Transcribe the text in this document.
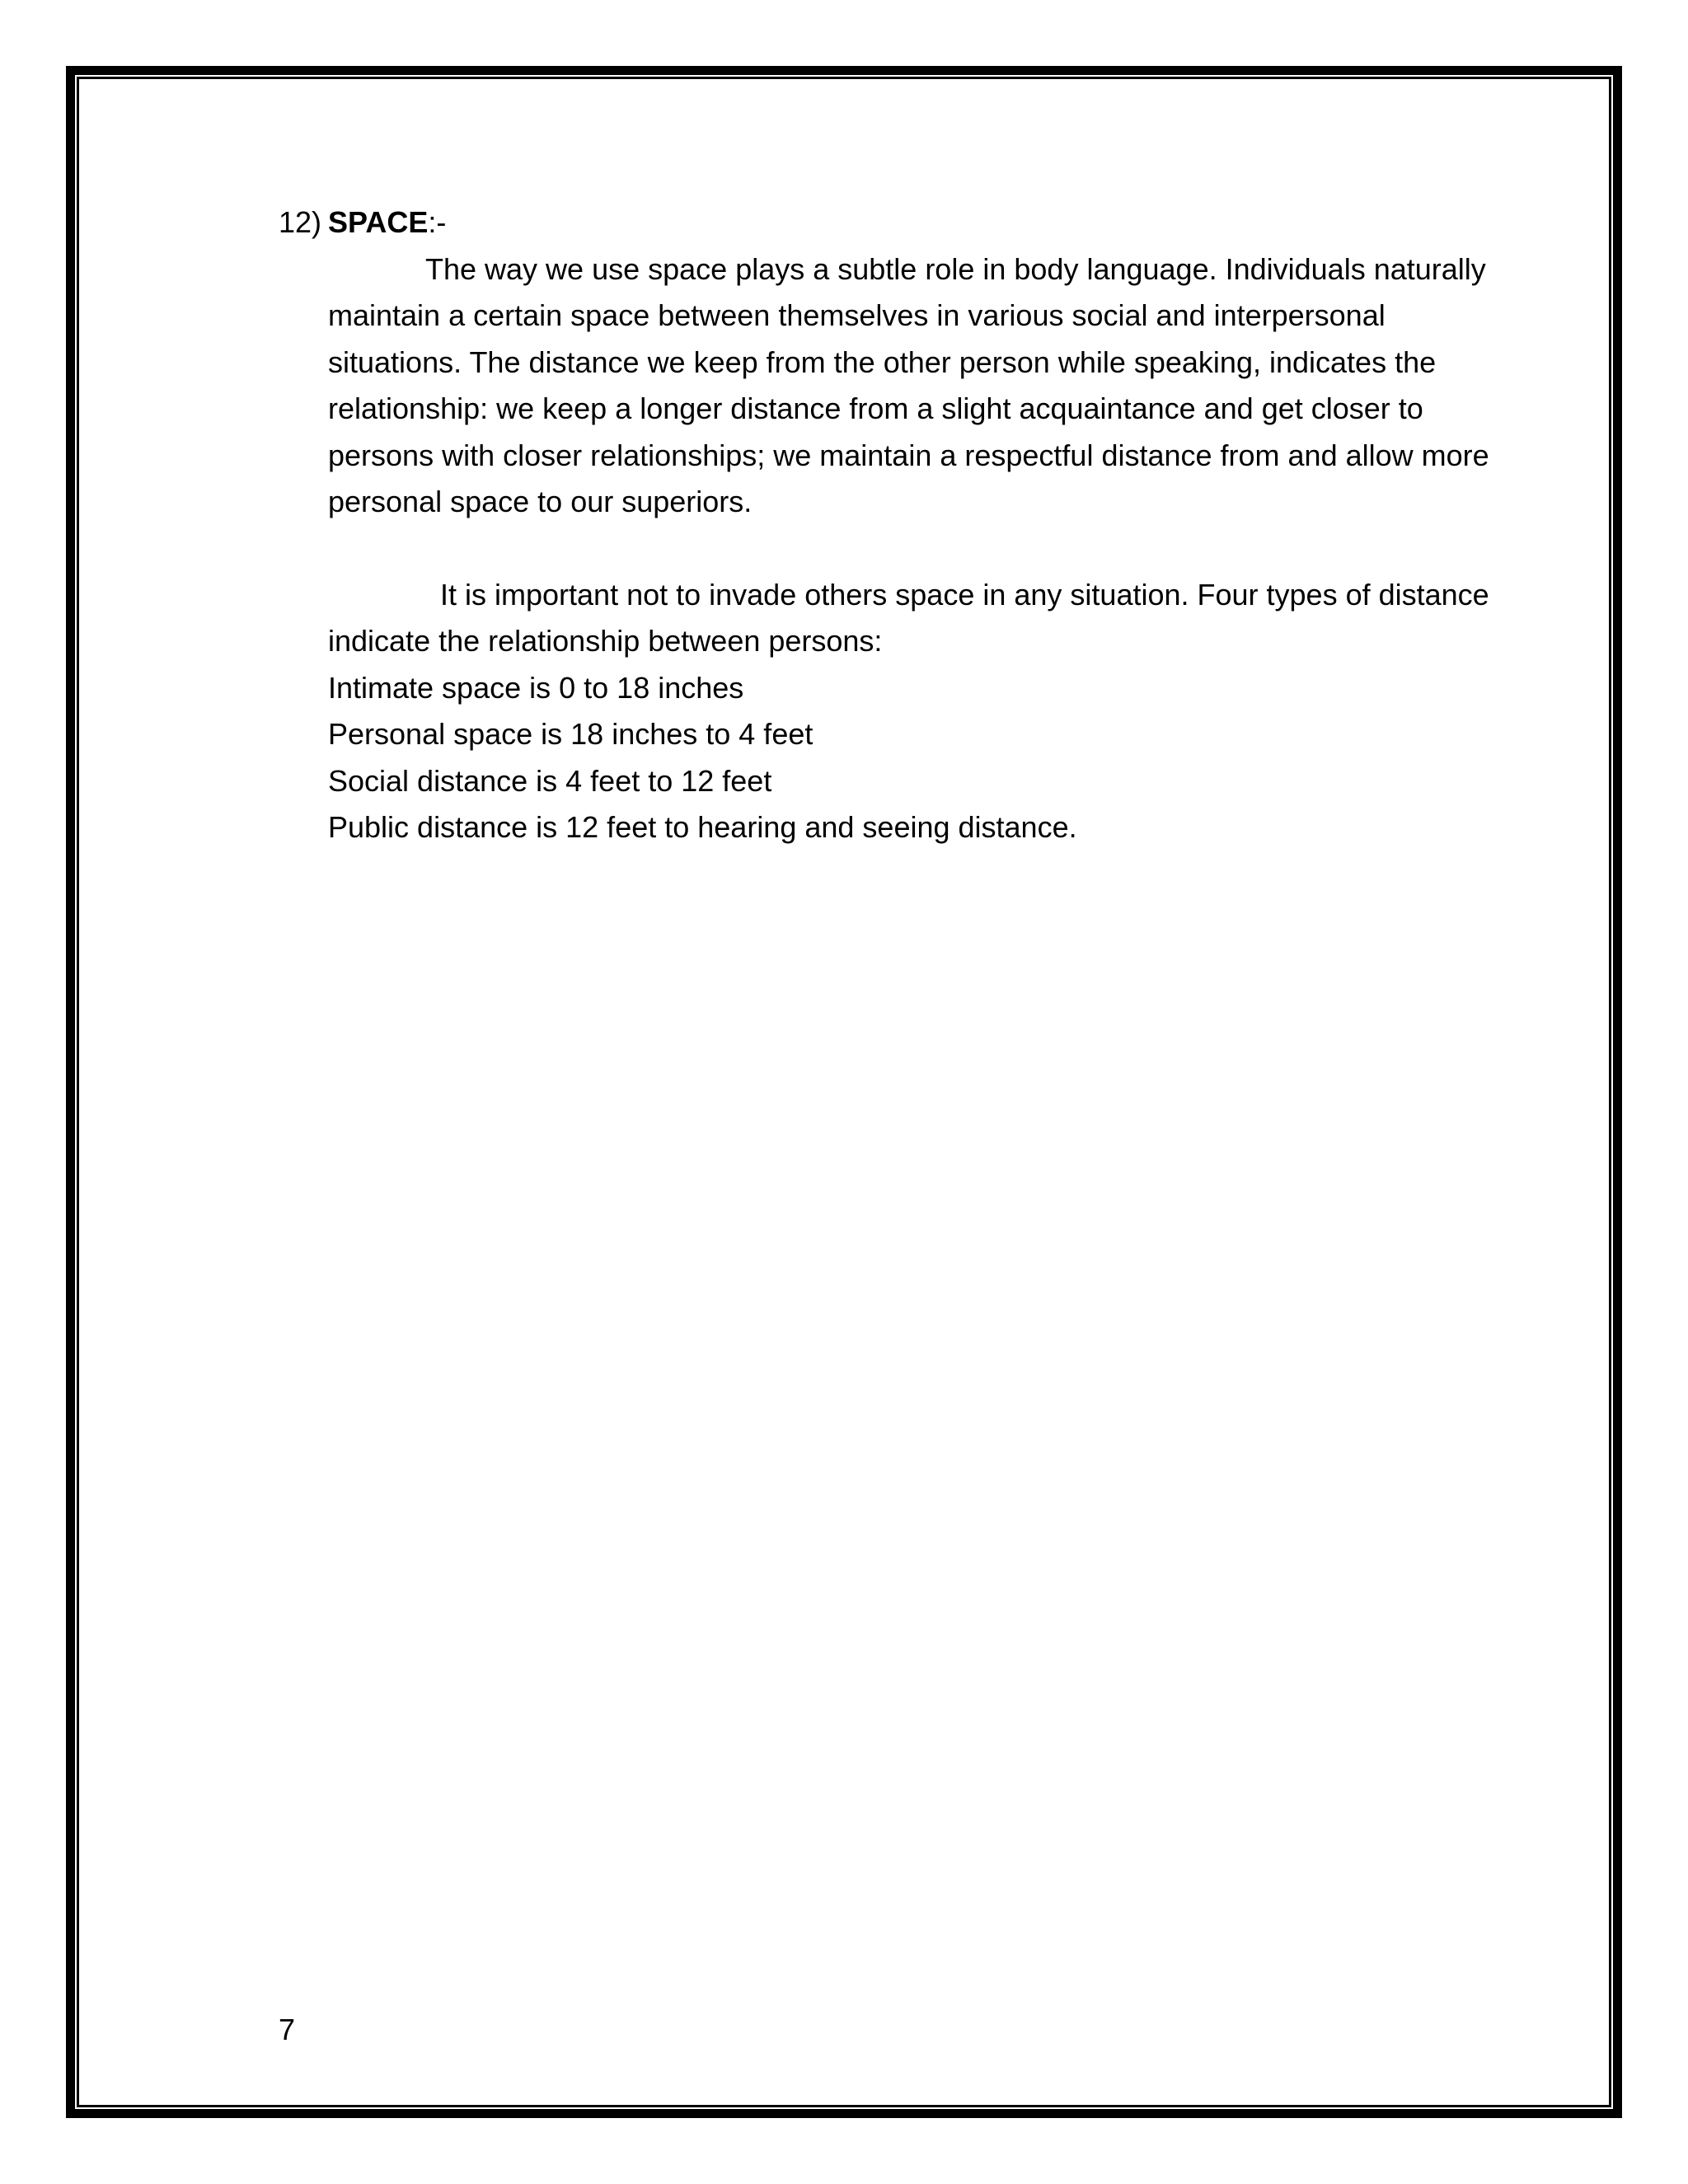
12) SPACE:-

The way we use space plays a subtle role in body language. Individuals naturally maintain a certain space between themselves in various social and interpersonal situations. The distance we keep from the other person while speaking, indicates the relationship: we keep a longer distance from a slight acquaintance and get closer to persons with closer relationships; we maintain a respectful distance from and allow more personal space to our superiors.

It is important not to invade others space in any situation. Four types of distance indicate the relationship between persons:

Intimate space is 0 to 18 inches
Personal space is 18 inches to 4 feet
Social distance is 4 feet to 12 feet
Public distance is 12 feet to hearing and seeing distance.
7
